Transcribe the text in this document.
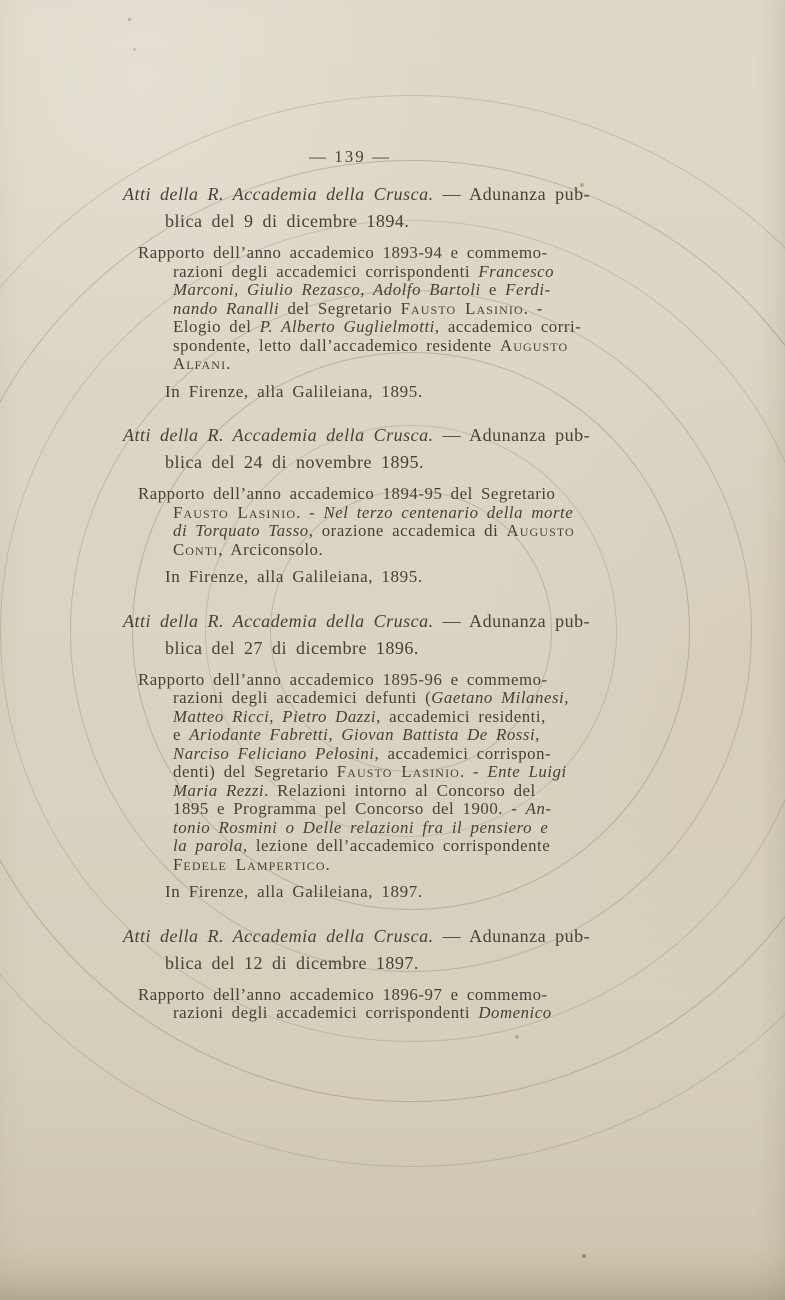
— 139 —
Atti della R. Accademia della Crusca. — Adunanza pub-
blica del 9 di dicembre 1894.
Rapporto dell’anno accademico 1893-94 e commemo-
razioni degli accademici corrispondenti Francesco
Marconi, Giulio Rezasco, Adolfo Bartoli e Ferdi-
nando Ranalli del Segretario Fausto Lasinio. -
Elogio del P. Alberto Guglielmotti, accademico corri-
spondente, letto dall’accademico residente Augusto
Alfani.
In Firenze, alla Galileiana, 1895.
Atti della R. Accademia della Crusca. — Adunanza pub-
blica del 24 di novembre 1895.
Rapporto dell’anno accademico 1894-95 del Segretario
Fausto Lasinio. - Nel terzo centenario della morte
di Torquato Tasso, orazione accademica di Augusto
Conti, Arciconsolo.
In Firenze, alla Galileiana, 1895.
Atti della R. Accademia della Crusca. — Adunanza pub-
blica del 27 di dicembre 1896.
Rapporto dell’anno accademico 1895-96 e commemo-
razioni degli accademici defunti (Gaetano Milanesi,
Matteo Ricci, Pietro Dazzi, accademici residenti,
e Ariodante Fabretti, Giovan Battista De Rossi,
Narciso Feliciano Pelosini, accademici corrispon-
denti) del Segretario Fausto Lasinio. - Ente Luigi
Maria Rezzi. Relazioni intorno al Concorso del
1895 e Programma pel Concorso del 1900. - An-
tonio Rosmini o Delle relazioni fra il pensiero e
la parola, lezione dell’accademico corrispondente
Fedele Lampertico.
In Firenze, alla Galileiana, 1897.
Atti della R. Accademia della Crusca. — Adunanza pub-
blica del 12 di dicembre 1897.
Rapporto dell’anno accademico 1896-97 e commemo-
razioni degli accademici corrispondenti Domenico
